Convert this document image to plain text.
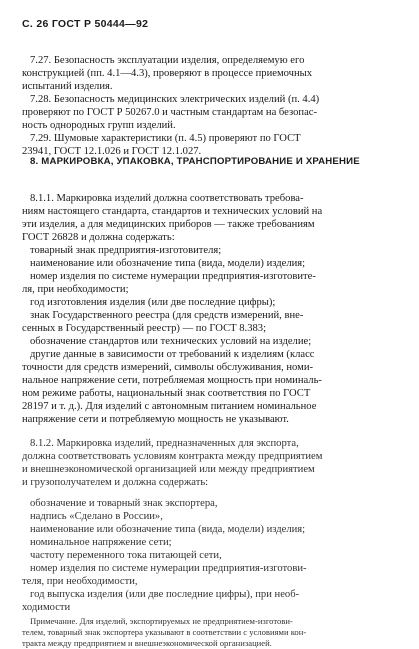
С. 26 ГОСТ Р 50444—92
7.27. Безопасность эксплуатации изделия, определяемую его
конструкцией (пп. 4.1—4.3), проверяют в процессе приемочных
испытаний изделия.
7.28. Безопасность медицинских электрических изделий (п. 4.4)
проверяют по ГОСТ Р 50267.0 и частным стандартам на безопас-
ность однородных групп изделий.
7.29. Шумовые характеристики (п. 4.5) проверяют по ГОСТ
23941, ГОСТ 12.1.026 и ГОСТ 12.1.027.
8. МАРКИРОВКА, УПАКОВКА, ТРАНСПОРТИРОВАНИЕ И ХРАНЕНИЕ
8.1.1. Маркировка изделий должна соответствовать требова-
ниям настоящего стандарта, стандартов и технических условий на
эти изделия, а для медицинских приборов — также требованиям
ГОСТ 26828 и должна содержать:
товарный знак предприятия-изготовителя;
наименование или обозначение типа (вида, модели) изделия;
номер изделия по системе нумерации предприятия-изготовите-
ля, при необходимости;
год изготовления изделия (или две последние цифры);
знак Государственного реестра (для средств измерений, вне-
сенных в Государственный реестр) — по ГОСТ 8.383;
обозначение стандартов или технических условий на изделие;
другие данные в зависимости от требований к изделиям (класс
точности для средств измерений, символы обслуживания, номи-
нальное напряжение сети, потребляемая мощность при номиналь-
ном режиме работы, национальный знак соответствия по ГОСТ
28197 и т. д.). Для изделий с автономным питанием номинальное
напряжение сети и потребляемую мощность не указывают.
8.1.2. Маркировка изделий, предназначенных для экспорта,
должна соответствовать условиям контракта между предприятием
и внешнеэкономической организацией или между предприятием
и грузополучателем и должна содержать:
обозначение и товарный знак экспортера,
надпись «Сделано в России»,
наименование или обозначение типа (вида, модели) изделия;
номинальное напряжение сети;
частоту переменного тока питающей сети,
номер изделия по системе нумерации предприятия-изготови-
теля, при необходимости,
год выпуска изделия (или две последние цифры), при необ-
ходимости
Примечание. Для изделий, экспортируемых не предприятием-изготови-
телем, товарный знак экспортера указывают в соответствии с условиями кон-
тракта между предприятием и внешнеэкономической организацией.
